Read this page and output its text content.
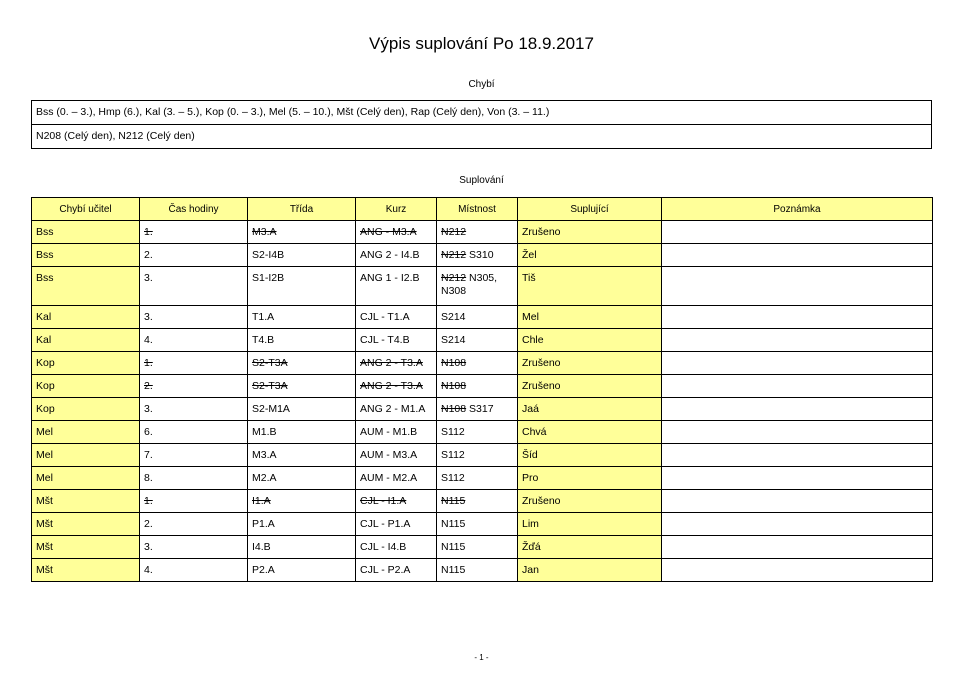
Výpis suplování Po 18.9.2017
Chybí
Bss (0. – 3.), Hmp (6.), Kal (3. – 5.), Kop (0. – 3.), Mel (5. – 10.), Mšt (Celý den), Rap (Celý den), Von (3. – 11.)
N208 (Celý den), N212 (Celý den)
Suplování
Chybí učitel	Čas hodiny	Třída	Kurz	Místnost	Suplující	Poznámka
Bss	1.	M3.A	ANG - M3.A	N212	Zrušeno	
Bss	2.	S2-I4B	ANG 2 - I4.B	N212 S310	Žel	
Bss	3.	S1-I2B	ANG 1 - I2.B	N212 N305, N308	Tiš	
Kal	3.	T1.A	CJL - T1.A	S214	Mel	
Kal	4.	T4.B	CJL - T4.B	S214	Chle	
Kop	1.	S2-T3A	ANG 2 - T3.A	N108	Zrušeno	
Kop	2.	S2-T3A	ANG 2 - T3.A	N108	Zrušeno	
Kop	3.	S2-M1A	ANG 2 - M1.A	N108 S317	Jaá	
Mel	6.	M1.B	AUM - M1.B	S112	Chvá	
Mel	7.	M3.A	AUM - M3.A	S112	Šíd	
Mel	8.	M2.A	AUM - M2.A	S112	Pro	
Mšt	1.	I1.A	CJL - I1.A	N115	Zrušeno	
Mšt	2.	P1.A	CJL - P1.A	N115	Lim	
Mšt	3.	I4.B	CJL - I4.B	N115	Žďá	
Mšt	4.	P2.A	CJL - P2.A	N115	Jan	
- 1 -
